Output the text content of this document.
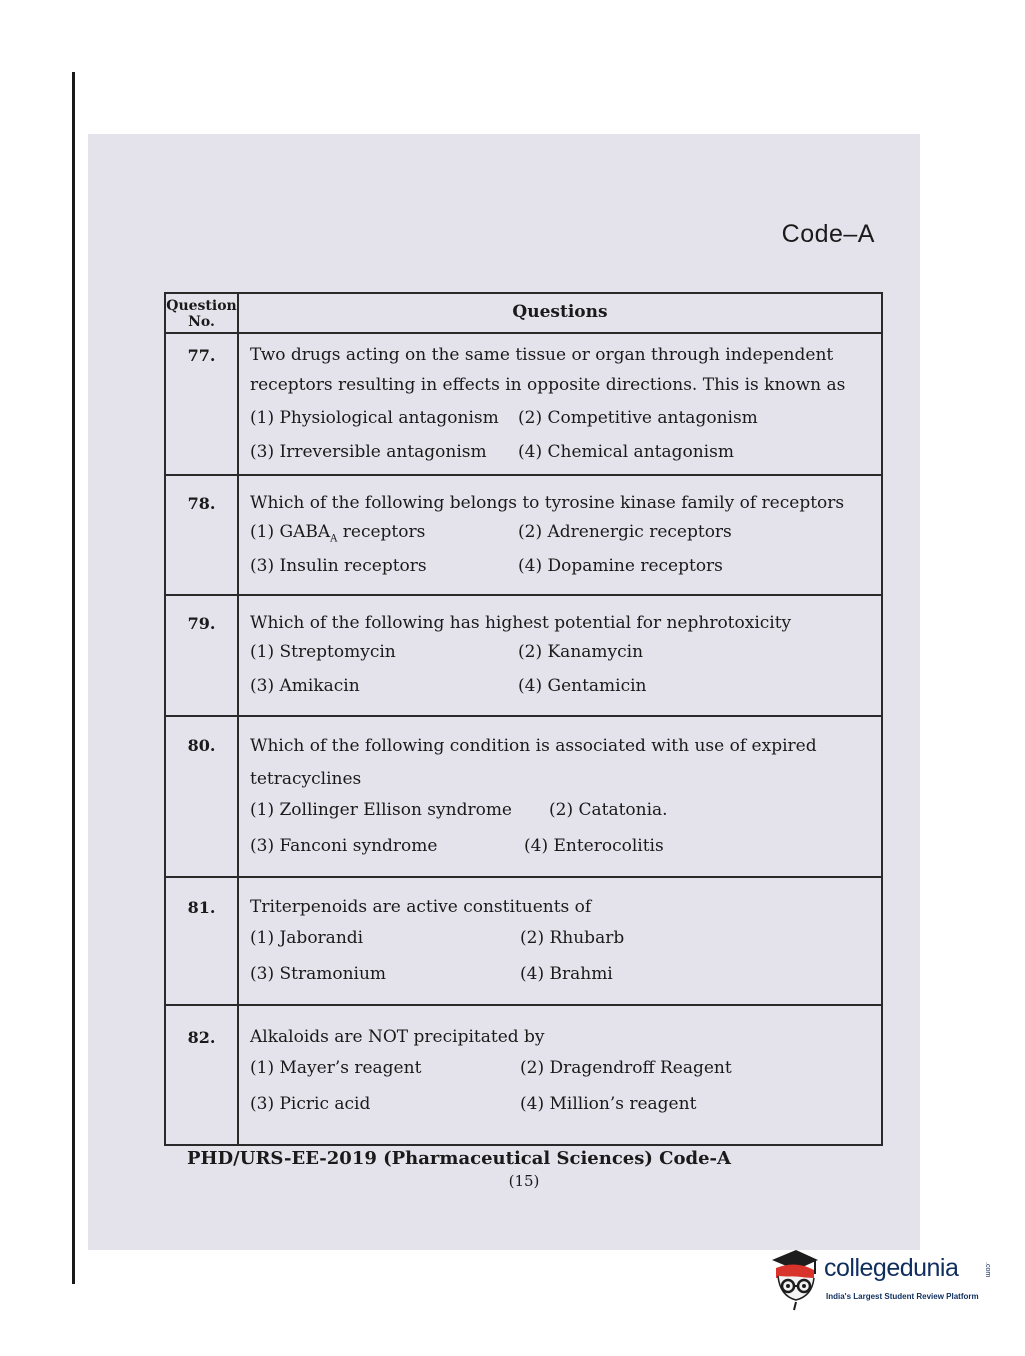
Code–A
Question No.	Questions
77.	Two drugs acting on the same tissue or organ through independent receptors resulting in effects in opposite directions. This is known as
(1) Physiological antagonism (2) Competitive antagonism
(3) Irreversible antagonism (4) Chemical antagonism
78.	Which of the following belongs to tyrosine kinase family of receptors
(1) $GABA_A$ receptors	(2) Adrenergic receptors
(3) Insulin receptors	(4) Dopamine receptors
79.	Which of the following has highest potential for nephrotoxicity
(1) Streptomycin	(2) Kanamycin
(3) Amikacin	(4) Gentamicin
80.	Which of the following condition is associated with use of expired tetracyclines
(1) Zollinger Ellison syndrome (2) Catatonia.
(3) Fanconi syndrome	(4) Enterocolitis
81.	Triterpenoids are active constituents of
(1) Jaborandi	(2) Rhubarb
(3) Stramonium	(4) Brahmi
82.	Alkaloids are NOT precipitated by
(1) Mayer’s reagent	(2) Dragendroff Reagent
(3) Picric acid	(4) Million’s reagent
PHD/URS-EE-2019 (Pharmaceutical Sciences) Code-A
(15)
collegedunia	.com
India's Largest Student Review Platform
